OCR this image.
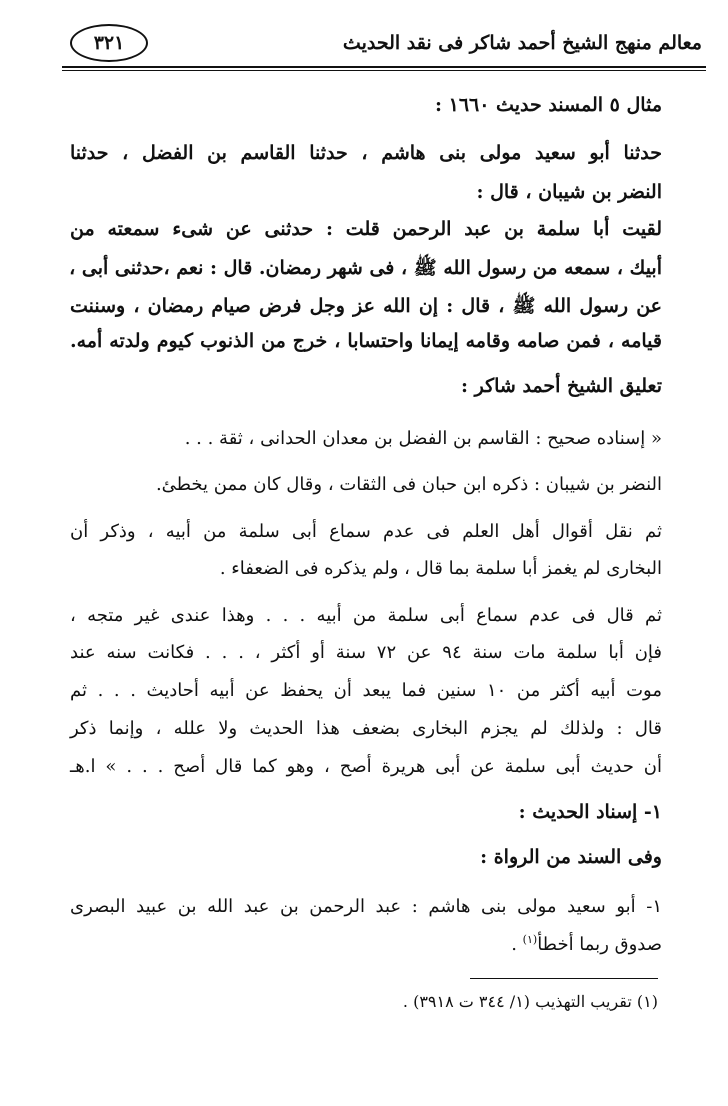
معالم منهج الشيخ أحمد شاكر فى نقد الحديث
٣٢١
مثال ٥ المسند حديث ١٦٦٠ :
حدثنا أبو سعيد مولى بنى هاشم ، حدثنا القاسم بن الفضل ، حدثنا
النضر بن شيبان ، قال :
لقيت أبا سلمة بن عبد الرحمن قلت : حدثنى عن شىء سمعته من
أبيك ، سمعه من رسول الله ﷺ ، فى شهر رمضان. قال : نعم ،حدثنى أبى ،
عن رسول الله ﷺ ، قال : إن الله عز وجل فرض صيام رمضان ، وسننت
قيامه ، فمن صامه وقامه إيمانا واحتسابا ، خرج من الذنوب كيوم ولدته أمه.
تعليق الشيخ أحمد شاكر :
« إسناده صحيح : القاسم بن الفضل بن معدان الحدانى ، ثقة . . .
النضر بن شيبان : ذكره ابن حبان فى الثقات ، وقال كان ممن يخطئ.
ثم نقل أقوال أهل العلم فى عدم سماع أبى سلمة من أبيه ، وذكر أن
البخارى لم يغمز أبا سلمة بما قال ، ولم يذكره فى الضعفاء .
ثم قال فى عدم سماع أبى سلمة من أبيه . . . وهذا عندى غير متجه ،
فإن أبا سلمة مات سنة ٩٤ عن ٧٢ سنة أو أكثر ، . . . فكانت سنه عند
موت أبيه أكثر من ١٠ سنين فما يبعد أن يحفظ عن أبيه أحاديث . . . ثم
قال : ولذلك لم يجزم البخارى بضعف هذا الحديث ولا علله ، وإنما ذكر
أن حديث أبى سلمة عن أبى هريرة أصح ، وهو كما قال أصح . . . » ا.هـ
١- إسناد الحديث :
وفى السند من الرواة :
١- أبو سعيد مولى بنى هاشم : عبد الرحمن بن عبد الله بن عبيد البصرى
صدوق ربما أخطأ$^{(١)}$ .
(١) تقريب التهذيب (١/ ٣٤٤ ت ٣٩١٨) .
